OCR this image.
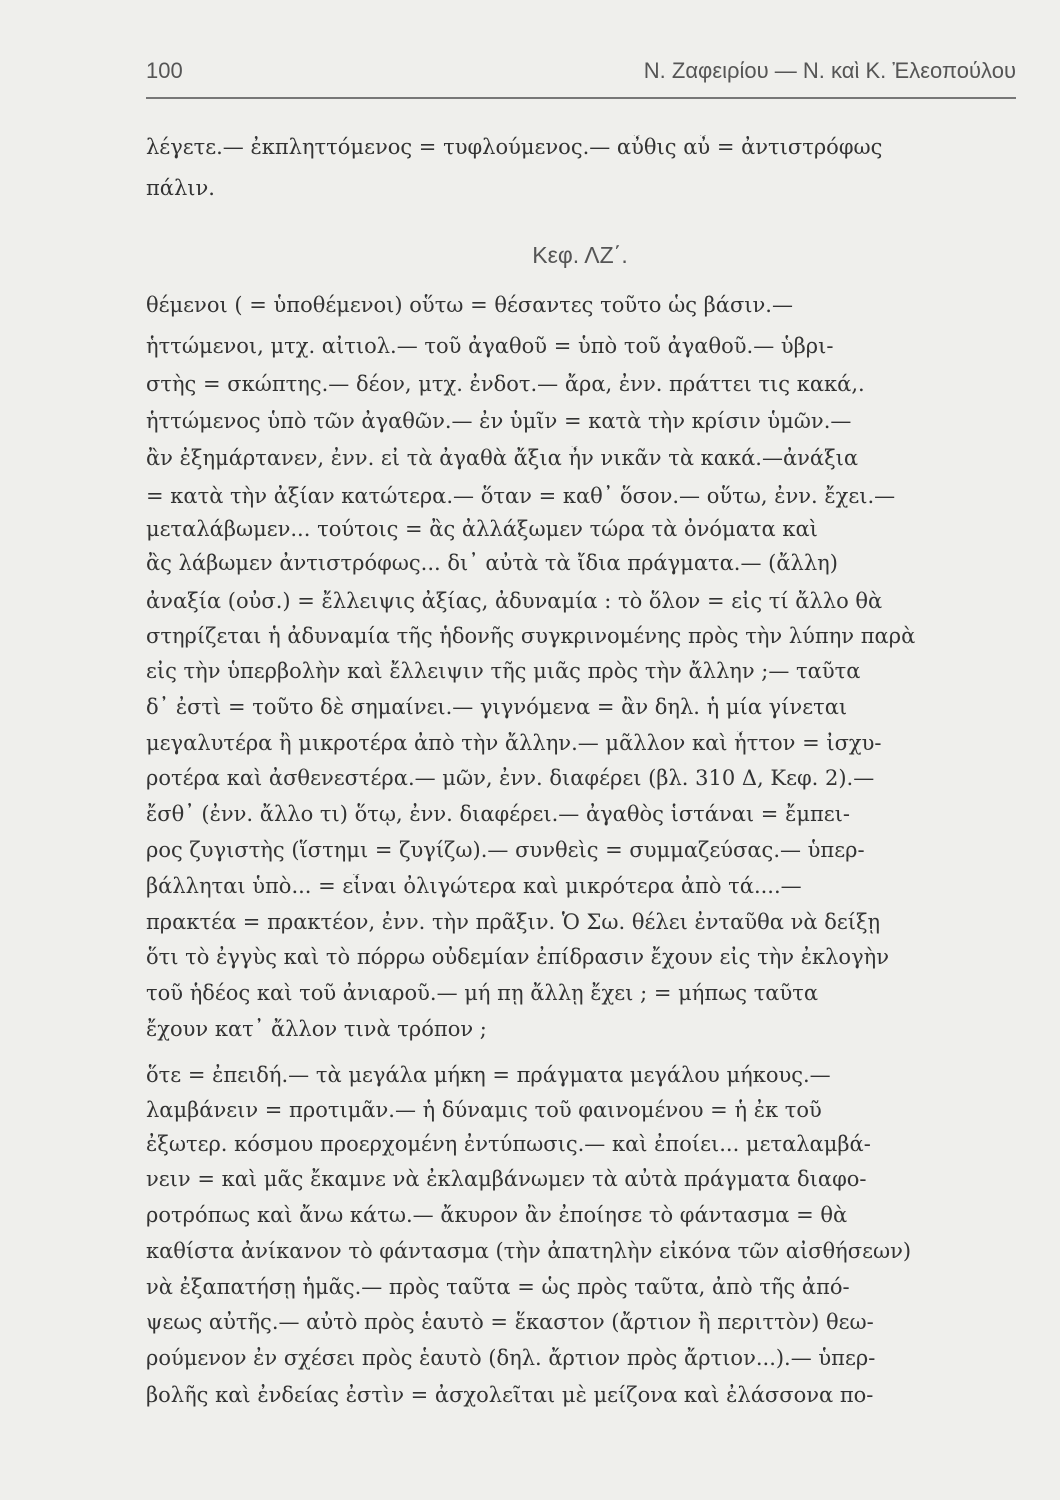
100	Ν. Ζαφειρίου — Ν. καὶ Κ. Ἐλεοπούλου
λέγετε.— ἐκπληττόμενος = τυφλούμενος.— αὖθις αὖ = ἀντιστρόφως
πάλιν.
Κεφ. ΛΖ΄.
θέμενοι ( = ὑποθέμενοι) οὕτω = θέσαντες τοῦτο ὡς βάσιν.—
ἡττώμενοι, μτχ. αἰτιολ.— τοῦ ἀγαθοῦ = ὑπὸ τοῦ ἀγαθοῦ.— ὑβρι-
στὴς = σκώπτης.— δέον, μτχ. ἐνδοτ.— ἄρα, ἐνν. πράττει τις κακά,.
ἡττώμενος ὑπὸ τῶν ἀγαθῶν.— ἐν ὑμῖν = κατὰ τὴν κρίσιν ὑμῶν.—
ἂν ἐξημάρτανεν, ἐνν. εἰ τὰ ἀγαθὰ ἄξια ἦν νικᾶν τὰ κακά.—ἀνάξια
= κατὰ τὴν ἀξίαν κατώτερα.— ὅταν = καθ᾽ ὅσον.— οὕτω, ἐνν. ἔχει.—
μεταλάβωμεν... τούτοις = ἂς ἀλλάξωμεν τώρα τὰ ὀνόματα καὶ
ἂς λάβωμεν ἀντιστρόφως... δι᾽ αὐτὰ τὰ ἴδια πράγματα.— (ἄλλη)
ἀναξία (οὐσ.) = ἔλλειψις ἀξίας, ἀδυναμία : τὸ ὅλον = εἰς τί ἄλλο θὰ
στηρίζεται ἡ ἀδυναμία τῆς ἡδονῆς συγκρινομένης πρὸς τὴν λύπην παρὰ
εἰς τὴν ὑπερβολὴν καὶ ἔλλειψιν τῆς μιᾶς πρὸς τὴν ἄλλην ;— ταῦτα
δ᾽ ἐστὶ = τοῦτο δὲ σημαίνει.— γιγνόμενα = ἂν δηλ. ἡ μία γίνεται
μεγαλυτέρα ἢ μικροτέρα ἀπὸ τὴν ἄλλην.— μᾶλλον καὶ ἧττον = ἰσχυ-
ροτέρα καὶ ἀσθενεστέρα.— μῶν, ἐνν. διαφέρει (βλ. 310 Δ, Κεφ. 2).—
ἔσθ᾽ (ἐνν. ἄλλο τι) ὅτῳ, ἐνν. διαφέρει.— ἀγαθὸς ἱστάναι = ἔμπει-
ρος ζυγιστὴς (ἵστημι = ζυγίζω).— συνθεὶς = συμμαζεύσας.— ὑπερ-
βάλληται ὑπὸ... = εἶναι ὀλιγώτερα καὶ μικρότερα ἀπὸ τά....—
πρακτέα = πρακτέον, ἐνν. τὴν πρᾶξιν. Ὁ Σω. θέλει ἐνταῦθα νὰ δείξῃ
ὅτι τὸ ἐγγὺς καὶ τὸ πόρρω οὐδεμίαν ἐπίδρασιν ἔχουν εἰς τὴν ἐκλογὴν
τοῦ ἡδέος καὶ τοῦ ἀνιαροῦ.— μή πῃ ἄλλῃ ἔχει ; = μήπως ταῦτα
ἔχουν κατ᾽ ἄλλον τινὰ τρόπον ;
ὅτε = ἐπειδή.— τὰ μεγάλα μήκη = πράγματα μεγάλου μήκους.—
λαμβάνειν = προτιμᾶν.— ἡ δύναμις τοῦ φαινομένου = ἡ ἐκ τοῦ
ἐξωτερ. κόσμου προερχομένη ἐντύπωσις.— καὶ ἐποίει... μεταλαμβά-
νειν = καὶ μᾶς ἔκαμνε νὰ ἐκλαμβάνωμεν τὰ αὐτὰ πράγματα διαφο-
ροτρόπως καὶ ἄνω κάτω.— ἄκυρον ἂν ἐποίησε τὸ φάντασμα = θὰ
καθίστα ἀνίκανον τὸ φάντασμα (τὴν ἀπατηλὴν εἰκόνα τῶν αἰσθήσεων)
νὰ ἐξαπατήσῃ ἡμᾶς.— πρὸς ταῦτα = ὡς πρὸς ταῦτα, ἀπὸ τῆς ἀπό-
ψεως αὐτῆς.— αὐτὸ πρὸς ἑαυτὸ = ἕκαστον (ἄρτιον ἢ περιττὸν) θεω-
ρούμενον ἐν σχέσει πρὸς ἑαυτὸ (δηλ. ἄρτιον πρὸς ἄρτιον...).— ὑπερ-
βολῆς καὶ ἐνδείας ἐστὶν = ἀσχολεῖται μὲ μείζονα καὶ ἐλάσσονα πο-
